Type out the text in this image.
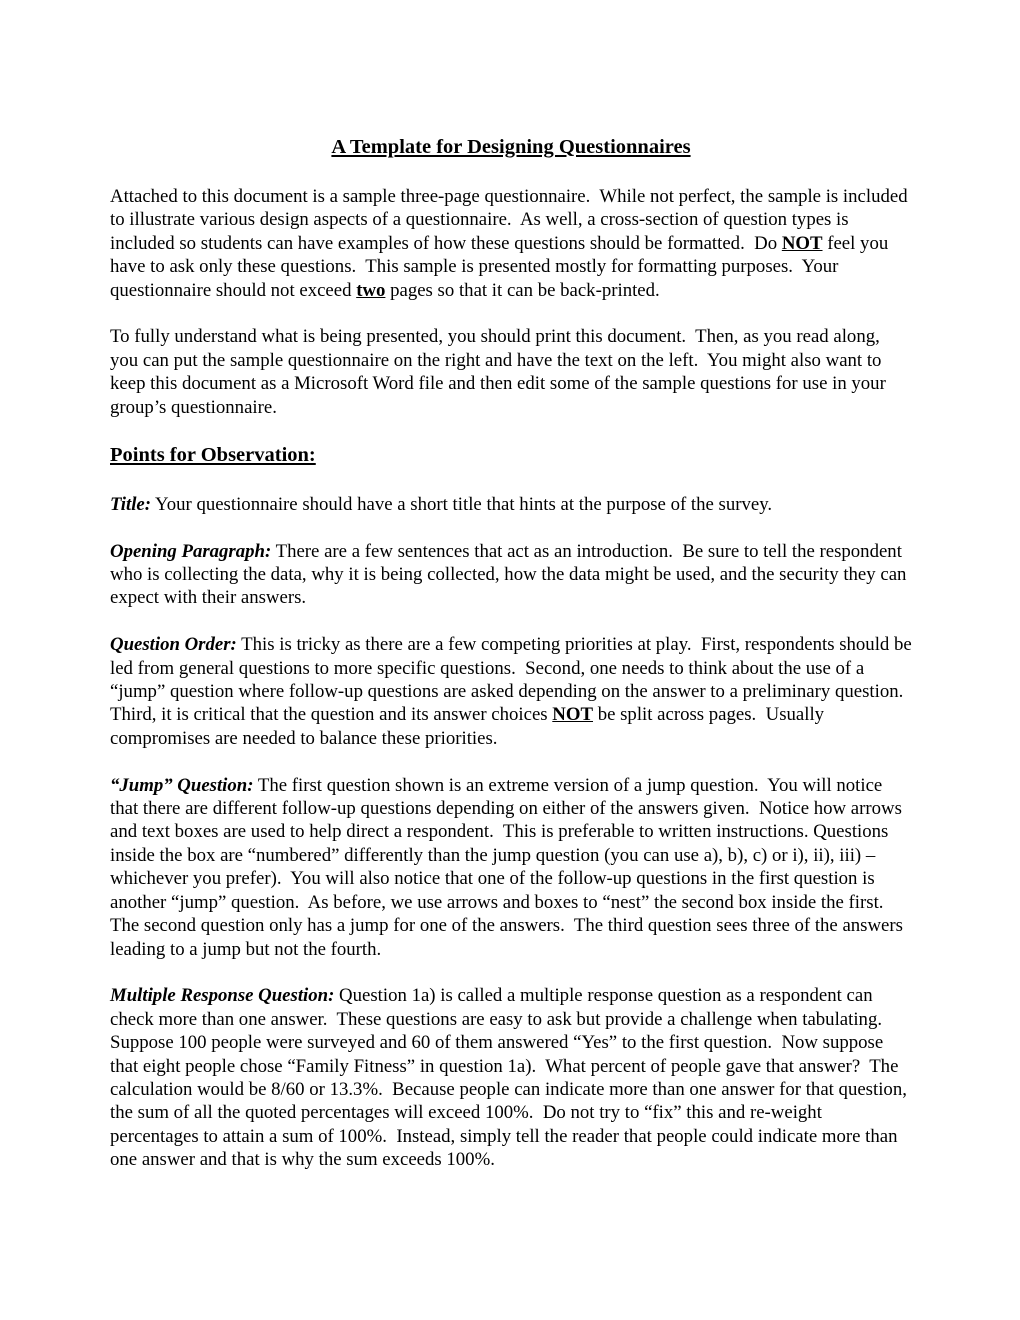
A Template for Designing Questionnaires

Attached to this document is a sample three-page questionnaire.  While not perfect, the sample is included to illustrate various design aspects of a questionnaire.  As well, a cross-section of question types is included so students can have examples of how these questions should be formatted.  Do NOT feel you have to ask only these questions.  This sample is presented mostly for formatting purposes.  Your questionnaire should not exceed two pages so that it can be back-printed.

To fully understand what is being presented, you should print this document.  Then, as you read along, you can put the sample questionnaire on the right and have the text on the left.  You might also want to keep this document as a Microsoft Word file and then edit some of the sample questions for use in your group’s questionnaire.

Points for Observation:

Title: Your questionnaire should have a short title that hints at the purpose of the survey.

Opening Paragraph: There are a few sentences that act as an introduction.  Be sure to tell the respondent who is collecting the data, why it is being collected, how the data might be used, and the security they can expect with their answers.

Question Order: This is tricky as there are a few competing priorities at play.  First, respondents should be led from general questions to more specific questions.  Second, one needs to think about the use of a “jump” question where follow-up questions are asked depending on the answer to a preliminary question.  Third, it is critical that the question and its answer choices NOT be split across pages.  Usually compromises are needed to balance these priorities.

“Jump” Question: The first question shown is an extreme version of a jump question.  You will notice that there are different follow-up questions depending on either of the answers given.  Notice how arrows and text boxes are used to help direct a respondent.  This is preferable to written instructions. Questions inside the box are “numbered” differently than the jump question (you can use a), b), c) or i), ii), iii) – whichever you prefer).  You will also notice that one of the follow-up questions in the first question is another “jump” question.  As before, we use arrows and boxes to “nest” the second box inside the first.  The second question only has a jump for one of the answers.  The third question sees three of the answers leading to a jump but not the fourth.

Multiple Response Question: Question 1a) is called a multiple response question as a respondent can check more than one answer.  These questions are easy to ask but provide a challenge when tabulating.  Suppose 100 people were surveyed and 60 of them answered “Yes” to the first question.  Now suppose that eight people chose “Family Fitness” in question 1a).  What percent of people gave that answer?  The calculation would be 8/60 or 13.3%.  Because people can indicate more than one answer for that question, the sum of all the quoted percentages will exceed 100%.  Do not try to “fix” this and re-weight percentages to attain a sum of 100%.  Instead, simply tell the reader that people could indicate more than one answer and that is why the sum exceeds 100%.
